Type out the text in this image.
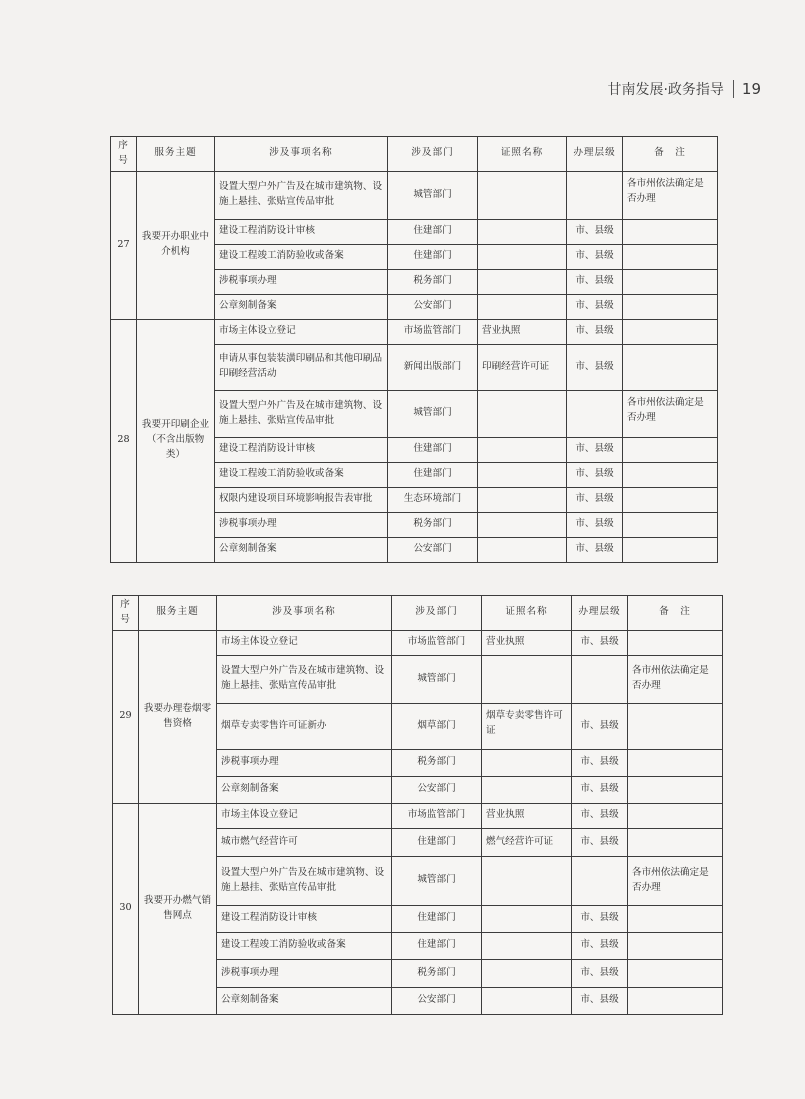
甘南发展·政务指导 19
序号	服务主题	涉及事项名称	涉及部门	证照名称	办理层级	备　注
27	我要开办职业中介机构	设置大型户外广告及在城市建筑物、设施上悬挂、张贴宣传品审批	城管部门			各市州依法确定是否办理
		建设工程消防设计审核	住建部门		市、县级	
		建设工程竣工消防验收或备案	住建部门		市、县级	
		涉税事项办理	税务部门		市、县级	
		公章刻制备案	公安部门		市、县级	
28	我要开印刷企业（不含出版物类）	市场主体设立登记	市场监管部门	营业执照	市、县级	
		申请从事包装装潢印刷品和其他印刷品印刷经营活动	新闻出版部门	印刷经营许可证	市、县级	
		设置大型户外广告及在城市建筑物、设施上悬挂、张贴宣传品审批	城管部门			各市州依法确定是否办理
		建设工程消防设计审核	住建部门		市、县级	
		建设工程竣工消防验收或备案	住建部门		市、县级	
		权限内建设项目环境影响报告表审批	生态环境部门		市、县级	
		涉税事项办理	税务部门		市、县级	
		公章刻制备案	公安部门		市、县级	
序号	服务主题	涉及事项名称	涉及部门	证照名称	办理层级	备　注
29	我要办理卷烟零售资格	市场主体设立登记	市场监管部门	营业执照	市、县级	
		设置大型户外广告及在城市建筑物、设施上悬挂、张贴宣传品审批	城管部门			各市州依法确定是否办理
		烟草专卖零售许可证新办	烟草部门	烟草专卖零售许可证	市、县级	
		涉税事项办理	税务部门		市、县级	
		公章刻制备案	公安部门		市、县级	
30	我要开办燃气销售网点	市场主体设立登记	市场监管部门	营业执照	市、县级	
		城市燃气经营许可	住建部门	燃气经营许可证	市、县级	
		设置大型户外广告及在城市建筑物、设施上悬挂、张贴宣传品审批	城管部门			各市州依法确定是否办理
		建设工程消防设计审核	住建部门		市、县级	
		建设工程竣工消防验收或备案	住建部门		市、县级	
		涉税事项办理	税务部门		市、县级	
		公章刻制备案	公安部门		市、县级	
